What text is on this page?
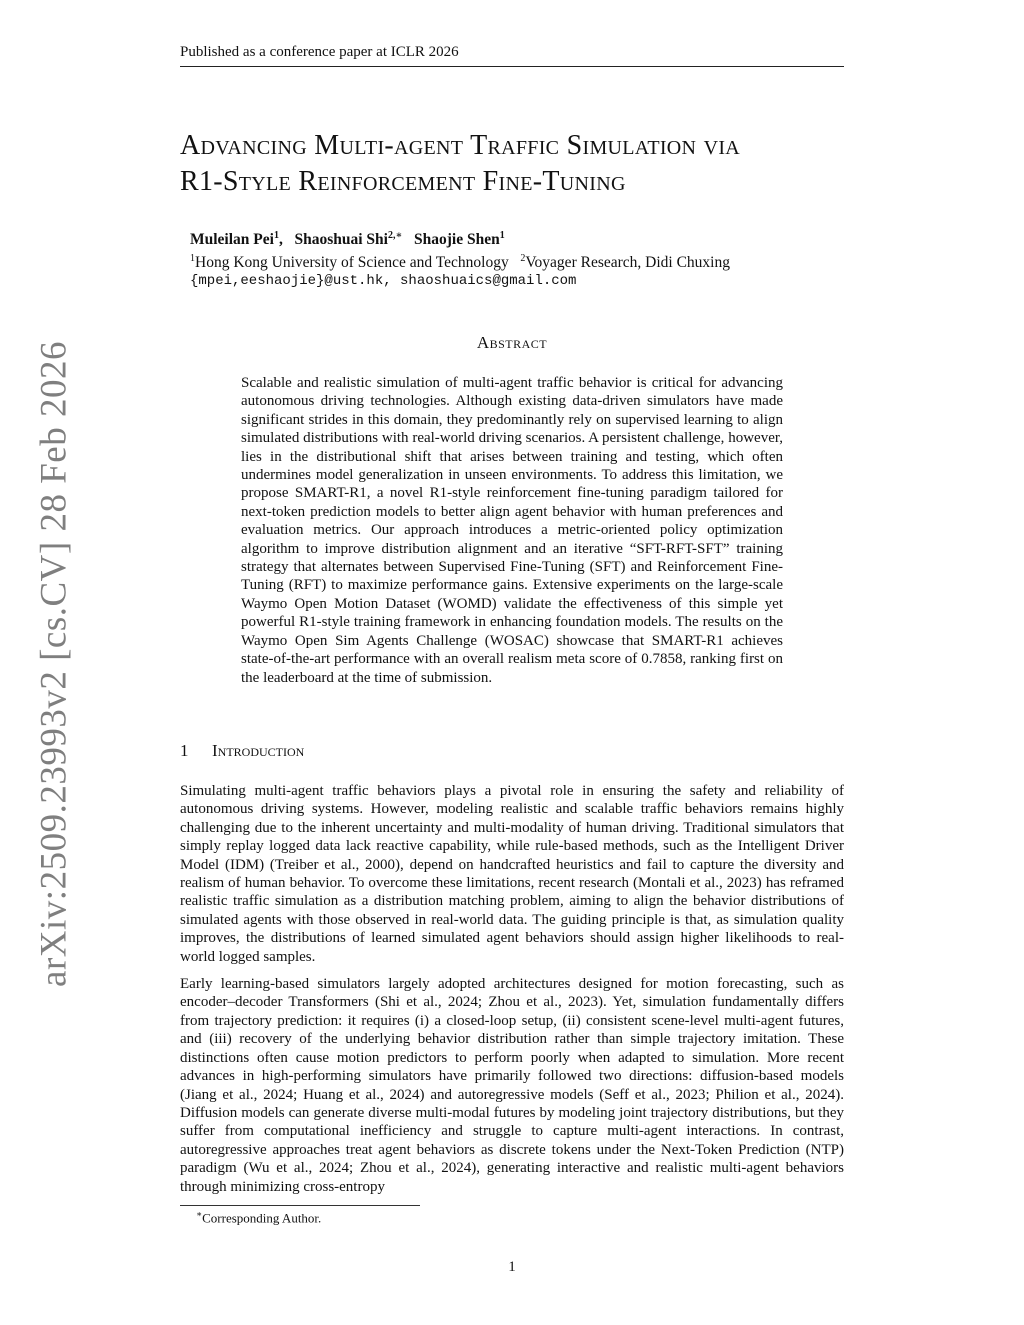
Published as a conference paper at ICLR 2026
arXiv:2509.23993v2 [cs.CV] 28 Feb 2026
Advancing Multi-agent Traffic Simulation via
R1-Style Reinforcement Fine-Tuning
Muleilan Pei$^1$,   Shaoshuai Shi$^{2,∗}$ Shaojie Shen$^1$
$^1$Hong Kong University of Science and Technology $^2$Voyager Research, Didi Chuxing
{mpei,eeshaojie}@ust.hk, shaoshuaics@gmail.com
Abstract
Scalable and realistic simulation of multi-agent traffic behavior is critical for advancing autonomous driving technologies. Although existing data-driven simulators have made significant strides in this domain, they predominantly rely on supervised learning to align simulated distributions with real-world driving scenarios. A persistent challenge, however, lies in the distributional shift that arises between training and testing, which often undermines model generalization in unseen environments. To address this limitation, we propose SMART-R1, a novel R1-style reinforcement fine-tuning paradigm tailored for next-token prediction models to better align agent behavior with human preferences and evaluation metrics. Our approach introduces a metric-oriented policy optimization algorithm to improve distribution alignment and an iterative “SFT-RFT-SFT” training strategy that alternates between Supervised Fine-Tuning (SFT) and Reinforcement Fine-Tuning (RFT) to maximize performance gains. Extensive experiments on the large-scale Waymo Open Motion Dataset (WOMD) validate the effectiveness of this simple yet powerful R1-style training framework in enhancing foundation models. The results on the Waymo Open Sim Agents Challenge (WOSAC) showcase that SMART-R1 achieves state-of-the-art performance with an overall realism meta score of 0.7858, ranking first on the leaderboard at the time of submission.
1 Introduction

Simulating multi-agent traffic behaviors plays a pivotal role in ensuring the safety and reliability of autonomous driving systems. However, modeling realistic and scalable traffic behaviors remains highly challenging due to the inherent uncertainty and multi-modality of human driving. Traditional simulators that simply replay logged data lack reactive capability, while rule-based methods, such as the Intelligent Driver Model (IDM) (Treiber et al., 2000), depend on handcrafted heuristics and fail to capture the diversity and realism of human behavior. To overcome these limitations, recent research (Montali et al., 2023) has reframed realistic traffic simulation as a distribution matching problem, aiming to align the behavior distributions of simulated agents with those observed in real-world data. The guiding principle is that, as simulation quality improves, the distributions of learned simulated agent behaviors should assign higher likelihoods to real-world logged samples.

Early learning-based simulators largely adopted architectures designed for motion forecasting, such as encoder–decoder Transformers (Shi et al., 2024; Zhou et al., 2023). Yet, simulation fundamentally differs from trajectory prediction: it requires (i) a closed-loop setup, (ii) consistent scene-level multi-agent futures, and (iii) recovery of the underlying behavior distribution rather than simple trajectory imitation. These distinctions often cause motion predictors to perform poorly when adapted to simulation. More recent advances in high-performing simulators have primarily followed two directions: diffusion-based models (Jiang et al., 2024; Huang et al., 2024) and autoregressive models (Seff et al., 2023; Philion et al., 2024). Diffusion models can generate diverse multi-modal futures by modeling joint trajectory distributions, but they suffer from computational inefficiency and struggle to capture multi-agent interactions. In contrast, autoregressive approaches treat agent behaviors as discrete tokens under the Next-Token Prediction (NTP) paradigm (Wu et al., 2024; Zhou et al., 2024), generating interactive and realistic multi-agent behaviors through minimizing cross-entropy

∗Corresponding Author.
1
